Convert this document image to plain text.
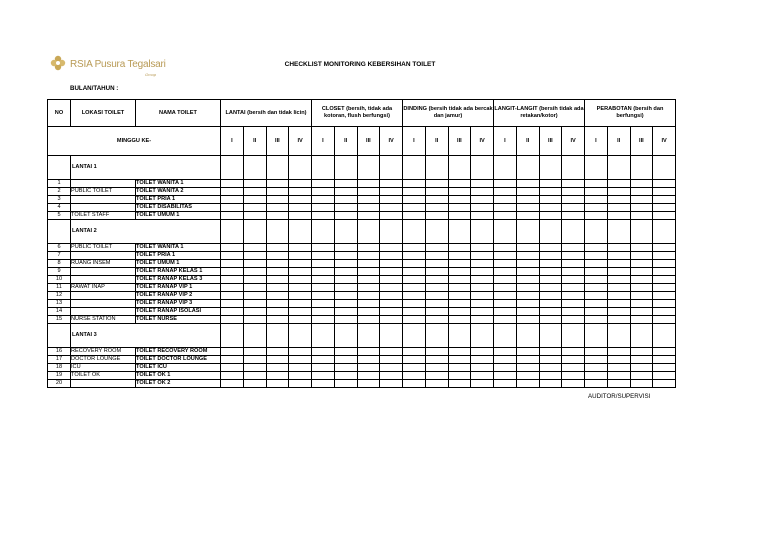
RSIA Pusura Tegalsari
Group
CHECKLIST MONITORING KEBERSIHAN TOILET
BULAN/TAHUN :
NO	LOKASI TOILET	NAMA TOILET	LANTAI (bersih dan tidak licin)				CLOSET (bersih, tidak ada kotoran, flush berfungsi)				DINDING (bersih tidak ada bercak dan jamur)				LANGIT-LANGIT (bersih tidak ada retakan/kotor)				PERABOTAN (bersih dan berfungsi)			
MINGGU KE-			I	II	III	IV	I	II	III	IV	I	II	III	IV	I	II	III	IV	I	II	III	IV
	LANTAI 1																					
1		TOILET WANITA 1																				
2	PUBLIC TOILET	TOILET WANITA 2																				
3		TOILET PRIA 1																				
4		TOILET DISABILITAS																				
5	TOILET STAFF	TOILET UMUM 1																				
	LANTAI 2																					
6	PUBLIC TOILET	TOILET WANITA 1																				
7		TOILET PRIA 1																				
8	RUANG INSEM	TOILET UMUM 1																				
9		TOILET RANAP KELAS 1																				
10		TOILET RANAP KELAS 3																				
11	RAWAT INAP	TOILET RANAP VIP 1																				
12		TOILET RANAP VIP 2																				
13		TOILET RANAP VIP 3																				
14		TOILET RANAP ISOLASI																				
15	NURSE STATION	TOILET NURSE																				
	LANTAI 3																					
16	RECOVERY ROOM	TOILET RECOVERY ROOM																				
17	DOCTOR LOUNGE	TOILET DOCTOR LOUNGE																				
18	ICU	TOILET ICU																				
19	TOILET OK	TOILET OK 1																				
20		TOILET OK 2																				
AUDITOR/SUPERVISI
